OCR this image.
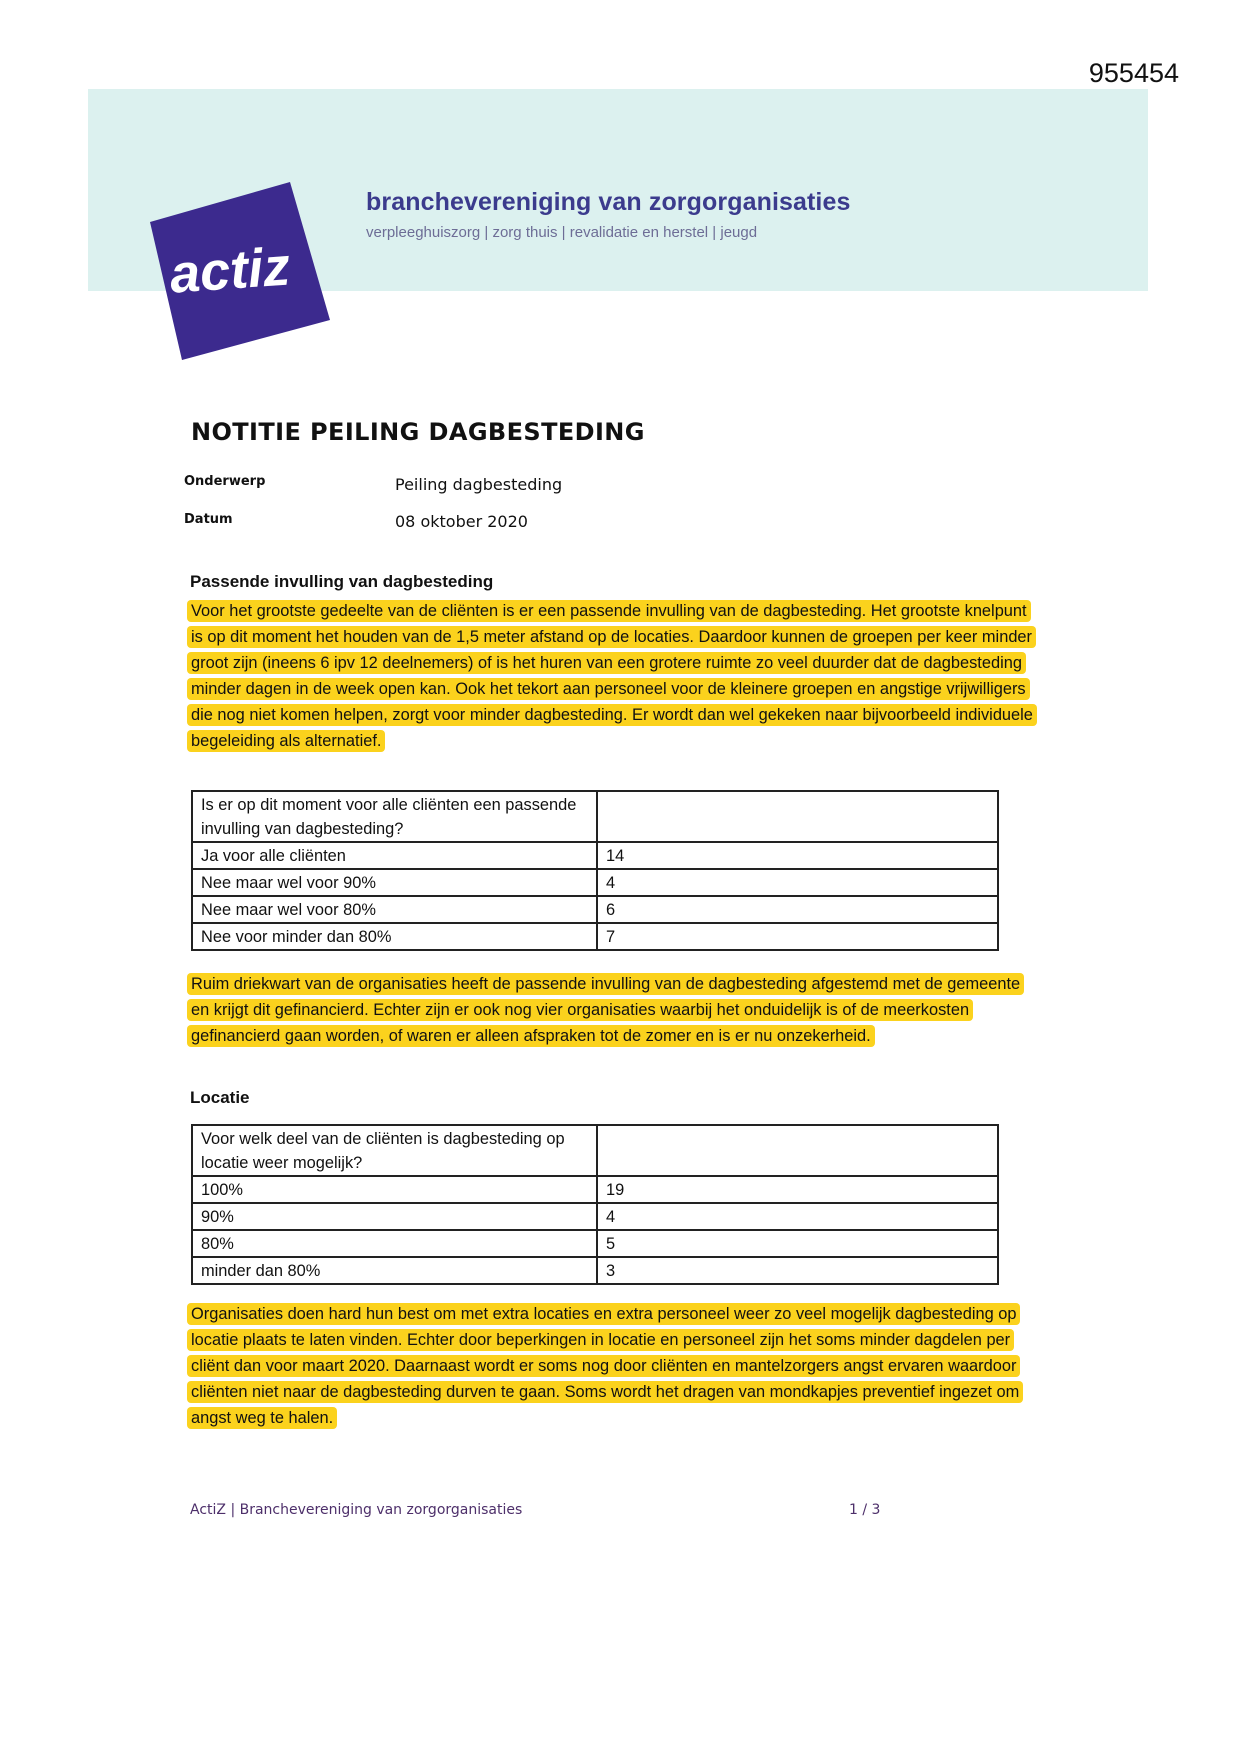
955454
actiz
branchevereniging van zorgorganisaties
verpleeghuiszorg | zorg thuis | revalidatie en herstel | jeugd
NOTITIE PEILING DAGBESTEDING
Onderwerp	Peiling dagbesteding
Datum	08 oktober 2020
Passende invulling van dagbesteding

Voor het grootste gedeelte van de cliënten is er een passende invulling van de dagbesteding. Het grootste knelpunt is op dit moment het houden van de 1,5 meter afstand op de locaties. Daardoor kunnen de groepen per keer minder groot zijn (ineens 6 ipv 12 deelnemers) of is het huren van een grotere ruimte zo veel duurder dat de dagbesteding minder dagen in de week open kan. Ook het tekort aan personeel voor de kleinere groepen en angstige vrijwilligers die nog niet komen helpen, zorgt voor minder dagbesteding. Er wordt dan wel gekeken naar bijvoorbeeld individuele begeleiding als alternatief.

Is er op dit moment voor alle cliënten een passende invulling van dagbesteding?	
Ja voor alle cliënten	14
Nee maar wel voor 90%	4
Nee maar wel voor 80%	6
Nee voor minder dan 80%	7

Ruim driekwart van de organisaties heeft de passende invulling van de dagbesteding afgestemd met de gemeente en krijgt dit gefinancierd. Echter zijn er ook nog vier organisaties waarbij het onduidelijk is of de meerkosten gefinancierd gaan worden, of waren er alleen afspraken tot de zomer en is er nu onzekerheid.

Locatie
Voor welk deel van de cliënten is dagbesteding op locatie weer mogelijk?	
100%	19
90%	4
80%	5
minder dan 80%	3

Organisaties doen hard hun best om met extra locaties en extra personeel weer zo veel mogelijk dagbesteding op locatie plaats te laten vinden. Echter door beperkingen in locatie en personeel zijn het soms minder dagdelen per cliënt dan voor maart 2020. Daarnaast wordt er soms nog door cliënten en mantelzorgers angst ervaren waardoor cliënten niet naar de dagbesteding durven te gaan. Soms wordt het dragen van mondkapjes preventief ingezet om angst weg te halen.

ActiZ | Branchevereniging van zorgorganisaties	1 / 3
